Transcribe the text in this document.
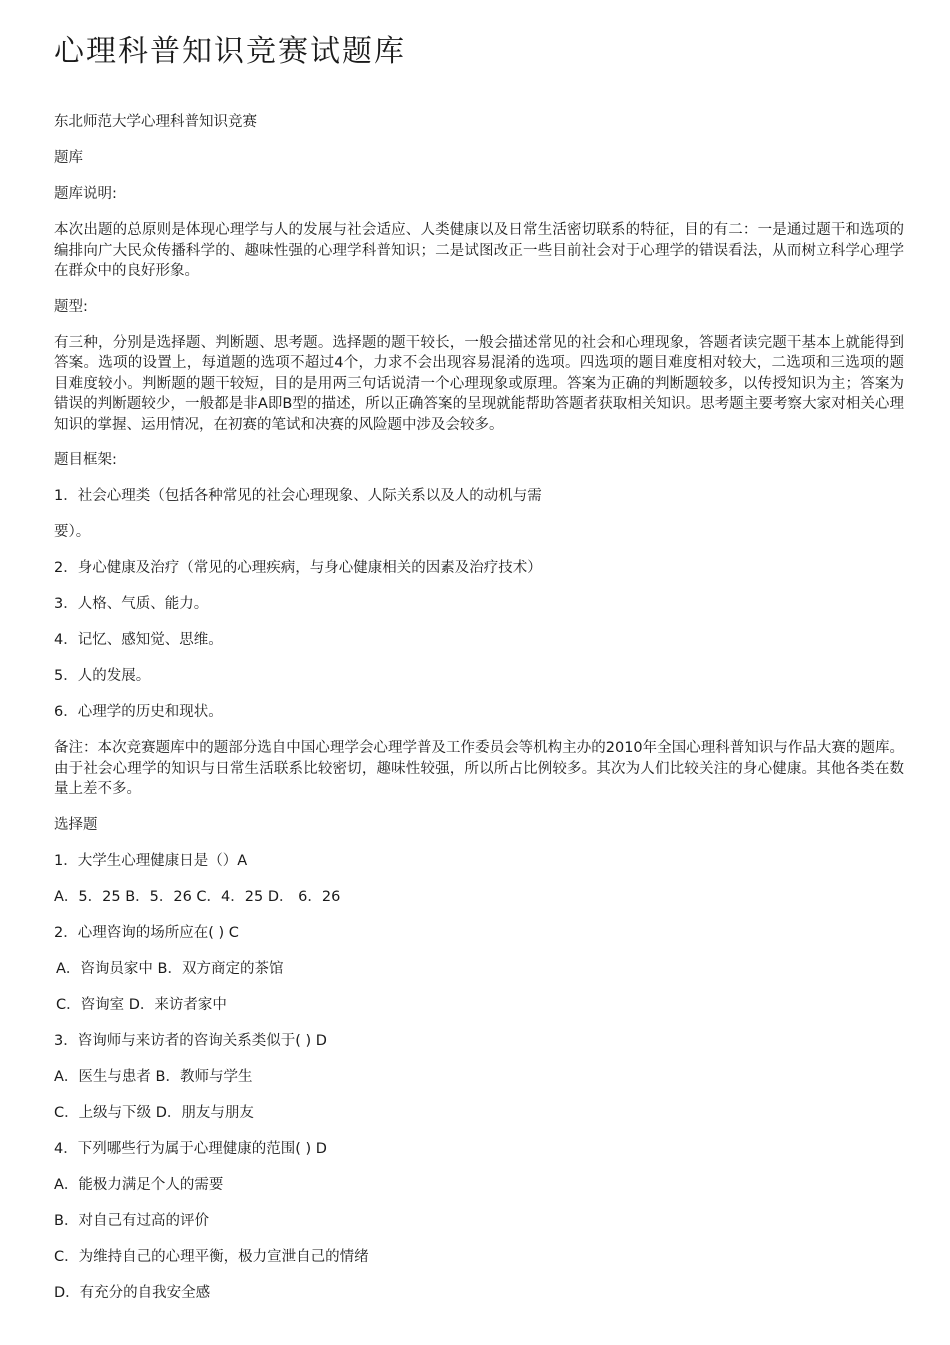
心理科普知识竞赛试题库

东北师范大学心理科普知识竞赛

题库

题库说明:

本次出题的总原则是体现心理学与人的发展与社会适应、人类健康以及日常生活密切联系的特征，目的有二：一是通过题干和选项的编排向广大民众传播科学的、趣味性强的心理学科普知识；二是试图改正一些目前社会对于心理学的错误看法，从而树立科学心理学在群众中的良好形象。

题型:

有三种，分别是选择题、判断题、思考题。选择题的题干较长，一般会描述常见的社会和心理现象，答题者读完题干基本上就能得到答案。选项的设置上，每道题的选项不超过4个，力求不会出现容易混淆的选项。四选项的题目难度相对较大，二选项和三选项的题目难度较小。判断题的题干较短，目的是用两三句话说清一个心理现象或原理。答案为正确的判断题较多，以传授知识为主；答案为错误的判断题较少，一般都是非A即B型的描述，所以正确答案的呈现就能帮助答题者获取相关知识。思考题主要考察大家对相关心理知识的掌握、运用情况，在初赛的笔试和决赛的风险题中涉及会较多。

题目框架:

1．社会心理类（包括各种常见的社会心理现象、人际关系以及人的动机与需

要）。

2．身心健康及治疗（常见的心理疾病，与身心健康相关的因素及治疗技术）

3．人格、气质、能力。

4．记忆、感知觉、思维。

5．人的发展。

6．心理学的历史和现状。

备注：本次竞赛题库中的题部分选自中国心理学会心理学普及工作委员会等机构主办的2010年全国心理科普知识与作品大赛的题库。由于社会心理学的知识与日常生活联系比较密切，趣味性较强，所以所占比例较多。其次为人们比较关注的身心健康。其他各类在数量上差不多。

选择题

1．大学生心理健康日是（）A

A．5．25 B．5．26 C．4．25 D． 6．26

2．心理咨询的场所应在( ) C

A．咨询员家中 B．双方商定的茶馆

C．咨询室 D．来访者家中

3．咨询师与来访者的咨询关系类似于( ) D

A．医生与患者 B．教师与学生

C．上级与下级 D．朋友与朋友

4．下列哪些行为属于心理健康的范围( ) D

A．能极力满足个人的需要

B．对自己有过高的评价

C．为维持自己的心理平衡，极力宣泄自己的情绪

D．有充分的自我安全感
